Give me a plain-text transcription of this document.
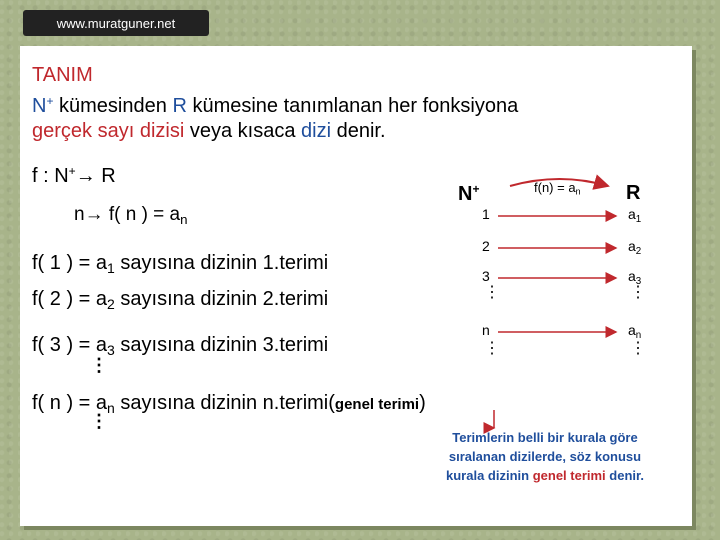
www.muratguner.net
TANIM
N+ kümesinden R kümesine tanımlanan her fonksiyona
gerçek sayı dizisi veya kısaca dizi denir.
f : N+→ R
n→ f( n ) = $a_n$
f( 1 ) = $a_1$ sayısına dizinin 1.terimi
f( 2 ) = $a_2$ sayısına dizinin 2.terimi
f( 3 ) = $a_3$ sayısına dizinin 3.terimi
⋮
f( n ) = $a_n$ sayısına dizinin n.terimi(genel terimi)
⋮
N+	$f(n) = a_n$ R
1
2
3
⋮
n
⋮
$a_1$
$a_2$
$a_3$
⋮
$a_n$
⋮
Terimlerin belli bir kurala göre
sıralanan dizilerde, söz konusu
kurala dizinin genel terimi denir.
